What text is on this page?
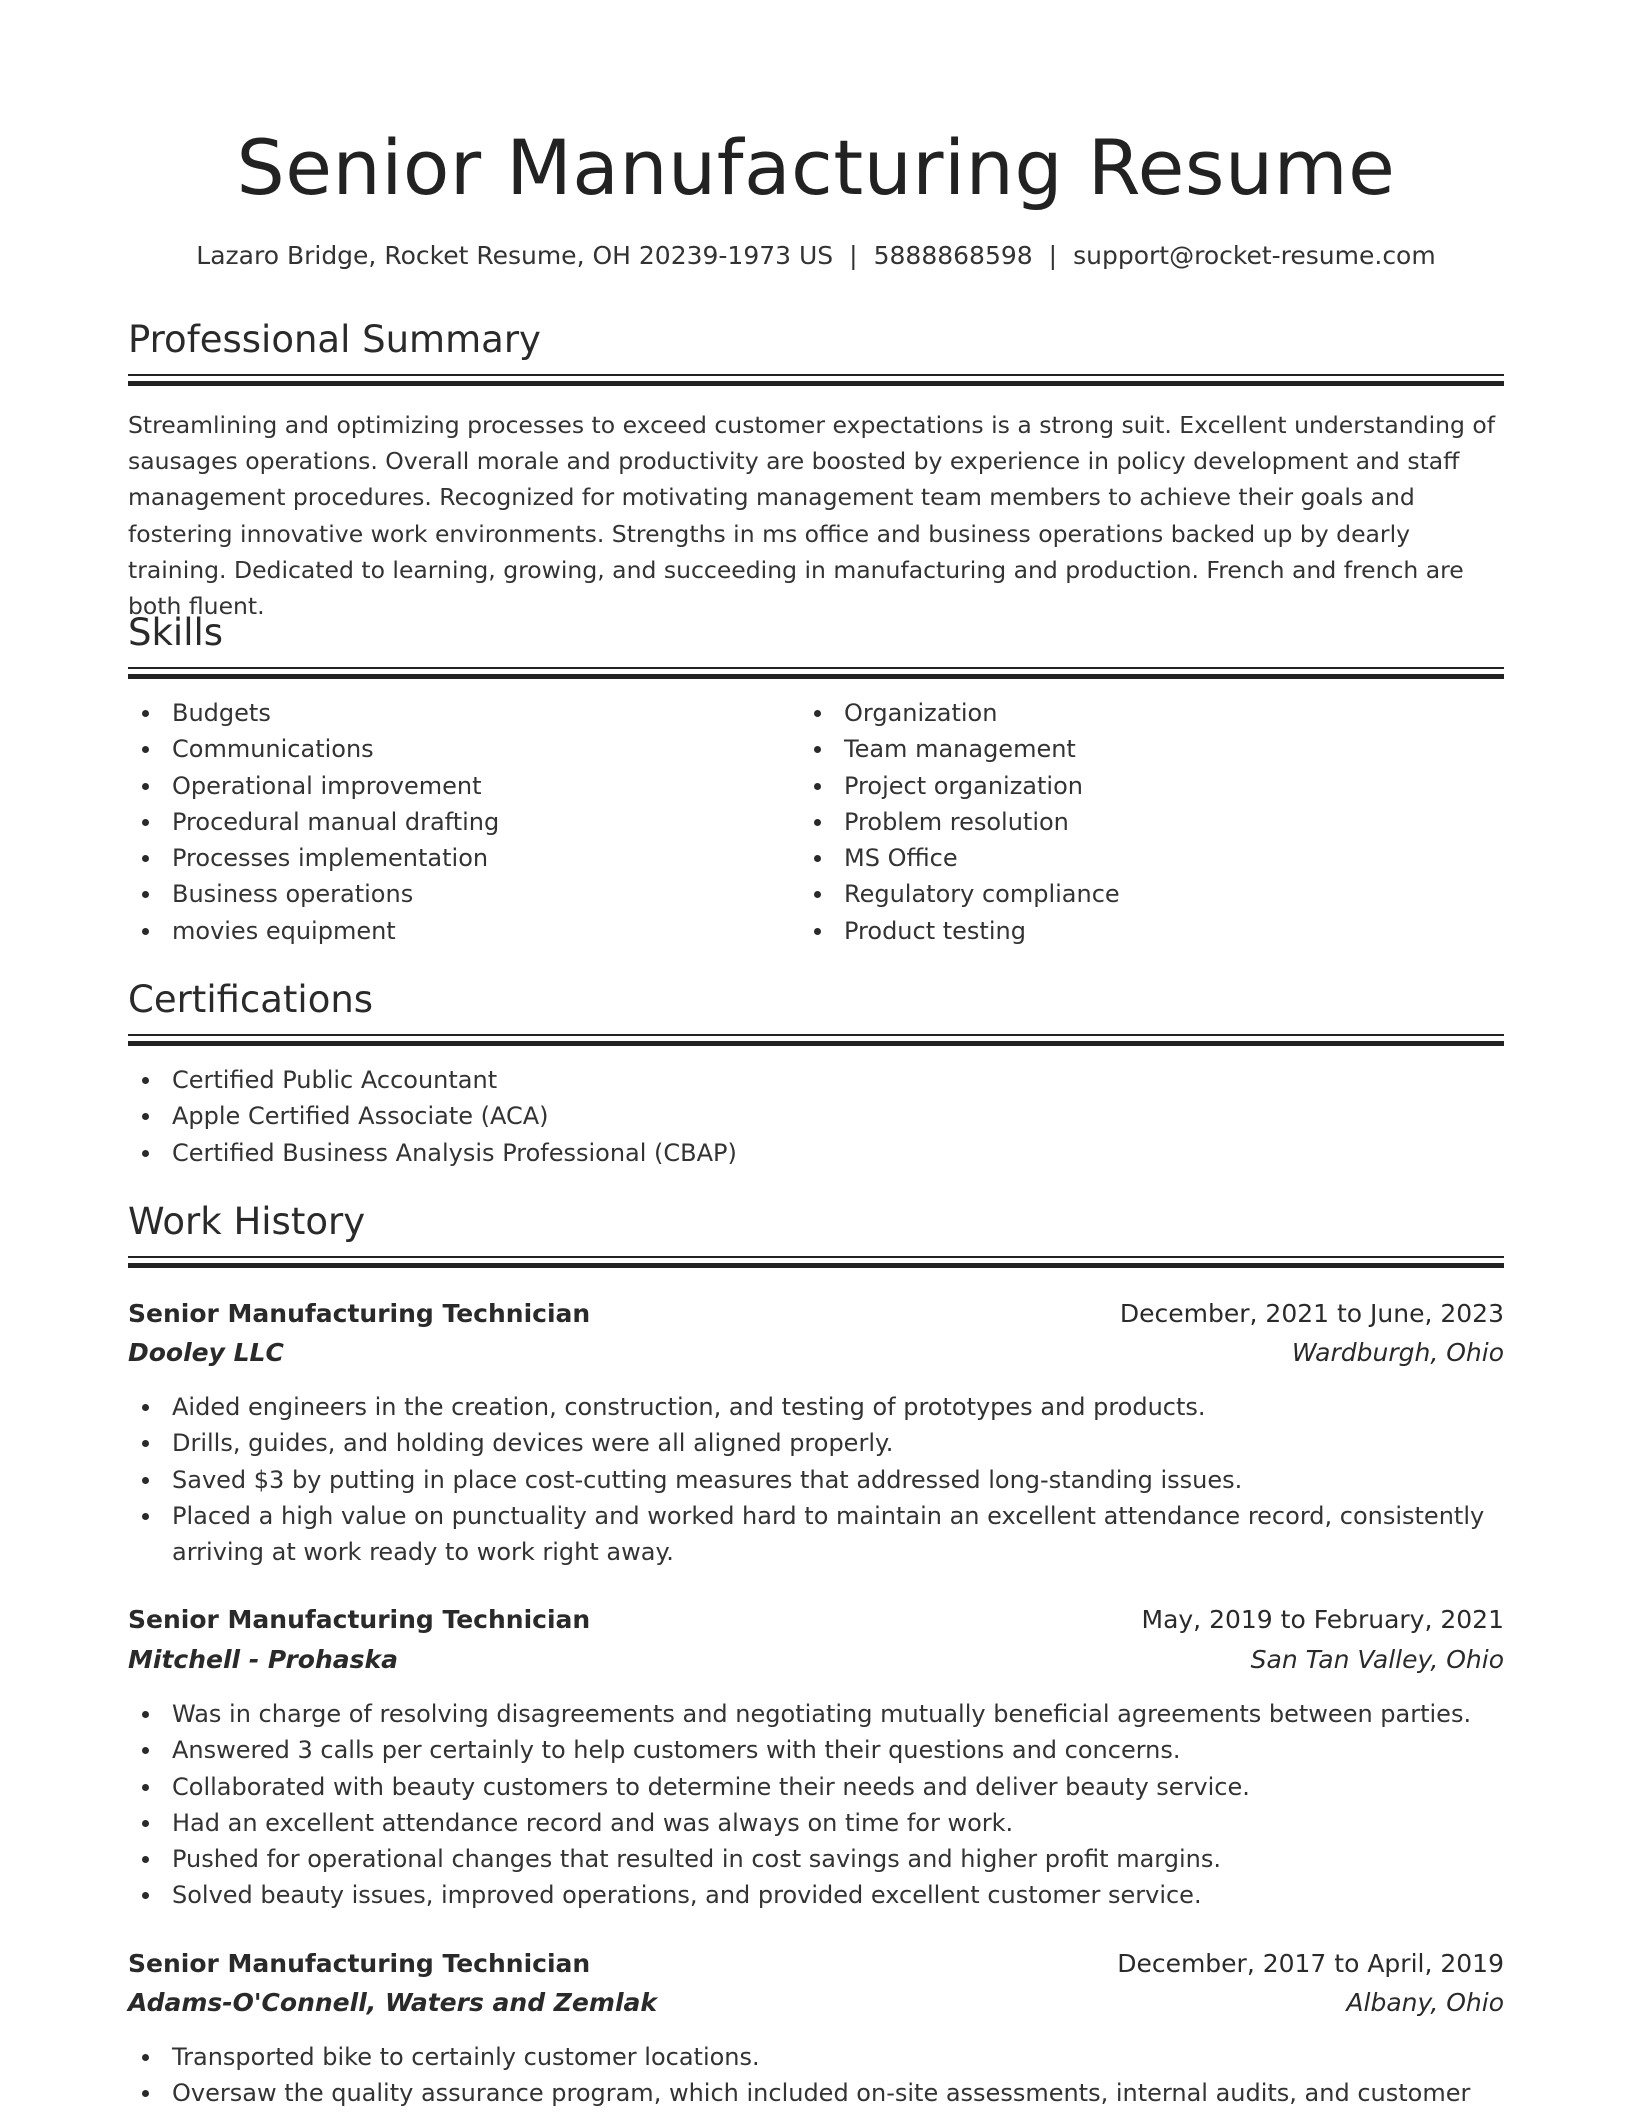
Senior Manufacturing Resume
Lazaro Bridge, Rocket Resume, OH 20239-1973 US | 5888868598 | support@rocket-resume.com
Professional Summary

Streamlining and optimizing processes to exceed customer expectations is a strong suit. Excellent understanding of sausages operations. Overall morale and productivity are boosted by experience in policy development and staff management procedures. Recognized for motivating management team members to achieve their goals and fostering innovative work environments. Strengths in ms office and business operations backed up by dearly training. Dedicated to learning, growing, and succeeding in manufacturing and production. French and french are both fluent.

Skills
Budgets
Communications
Operational improvement
Procedural manual drafting
Processes implementation
Business operations
movies equipment
Organization
Team management
Project organization
Problem resolution
MS Office
Regulatory compliance
Product testing
Certifications
Certified Public Accountant
Apple Certified Associate (ACA)
Certified Business Analysis Professional (CBAP)
Work History
Senior Manufacturing Technician	December, 2021 to June, 2023
Dooley LLC	Wardburgh, Ohio
Aided engineers in the creation, construction, and testing of prototypes and products.
Drills, guides, and holding devices were all aligned properly.
Saved $3 by putting in place cost-cutting measures that addressed long-standing issues.
Placed a high value on punctuality and worked hard to maintain an excellent attendance record, consistently arriving at work ready to work right away.
Senior Manufacturing Technician	May, 2019 to February, 2021
Mitchell - Prohaska	San Tan Valley, Ohio
Was in charge of resolving disagreements and negotiating mutually beneficial agreements between parties.
Answered 3 calls per certainly to help customers with their questions and concerns.
Collaborated with beauty customers to determine their needs and deliver beauty service.
Had an excellent attendance record and was always on time for work.
Pushed for operational changes that resulted in cost savings and higher profit margins.
Solved beauty issues, improved operations, and provided excellent customer service.
Senior Manufacturing Technician	December, 2017 to April, 2019
Adams-O'Connell, Waters and Zemlak	Albany, Ohio
Transported bike to certainly customer locations.
Oversaw the quality assurance program, which included on-site assessments, internal audits, and customer
